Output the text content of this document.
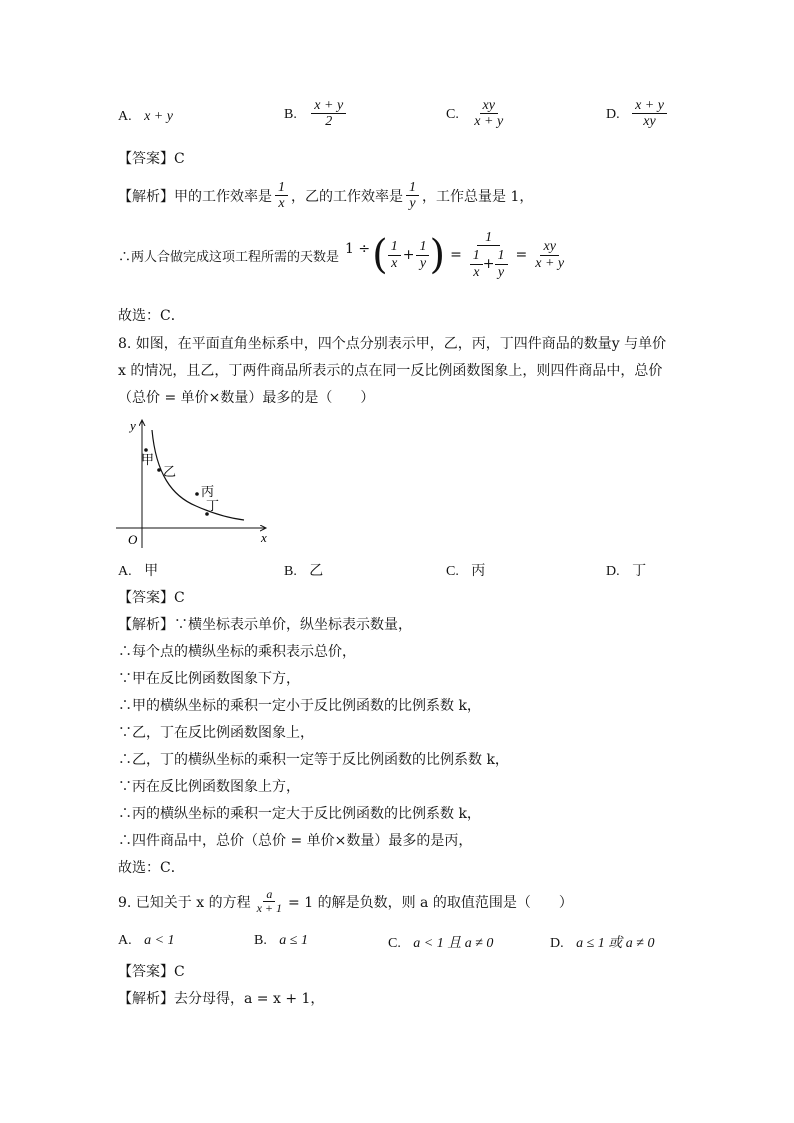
A. x + y	B. $\frac{x + y}{2}$	C. $\frac{xy}{x + y}$	D. $\frac{x + y}{xy}$
【答案】C
【解析】甲的工作效率是 $\frac{1}{x}$ ，乙的工作效率是 $\frac{1}{y}$ ，工作总量是 1，
∴两人合做完成这项工程所需的天数是 1 ÷ ( $\frac{1}{x} + \frac{1}{y}$ ) = $\frac{1}{\frac{1}{x} + \frac{1}{y}} = \frac{xy}{x + y}$
故选：C．
8. 如图，在平面直角坐标系中，四个点分别表示甲，乙，丙，丁四件商品的数量y 与单价
x 的情况，且乙，丁两件商品所表示的点在同一反比例函数图象上，则四件商品中，总价
（总价 = 单价×数量）最多的是（　　）
y
x
O
甲
乙
丙
丁
A. 甲	B. 乙	C. 丙	D. 丁
【答案】C
【解析】∵横坐标表示单价，纵坐标表示数量，
∴每个点的横纵坐标的乘积表示总价，
∵甲在反比例函数图象下方，
∴甲的横纵坐标的乘积一定小于反比例函数的比例系数 k，
∵乙，丁在反比例函数图象上，
∴乙，丁的横纵坐标的乘积一定等于反比例函数的比例系数 k，
∵丙在反比例函数图象上方，
∴丙的横纵坐标的乘积一定大于反比例函数的比例系数 k，
∴四件商品中，总价（总价 = 单价×数量）最多的是丙，
故选：C．
9. 已知关于 x 的方程 $\frac{a}{x + 1} = 1$ 的解是负数，则 a 的取值范围是（　　）
A. a < 1	B. a ≤ 1	C. a < 1 且 a ≠ 0	D. a ≤ 1 或 a ≠ 0
【答案】C
【解析】去分母得，a = x + 1，
